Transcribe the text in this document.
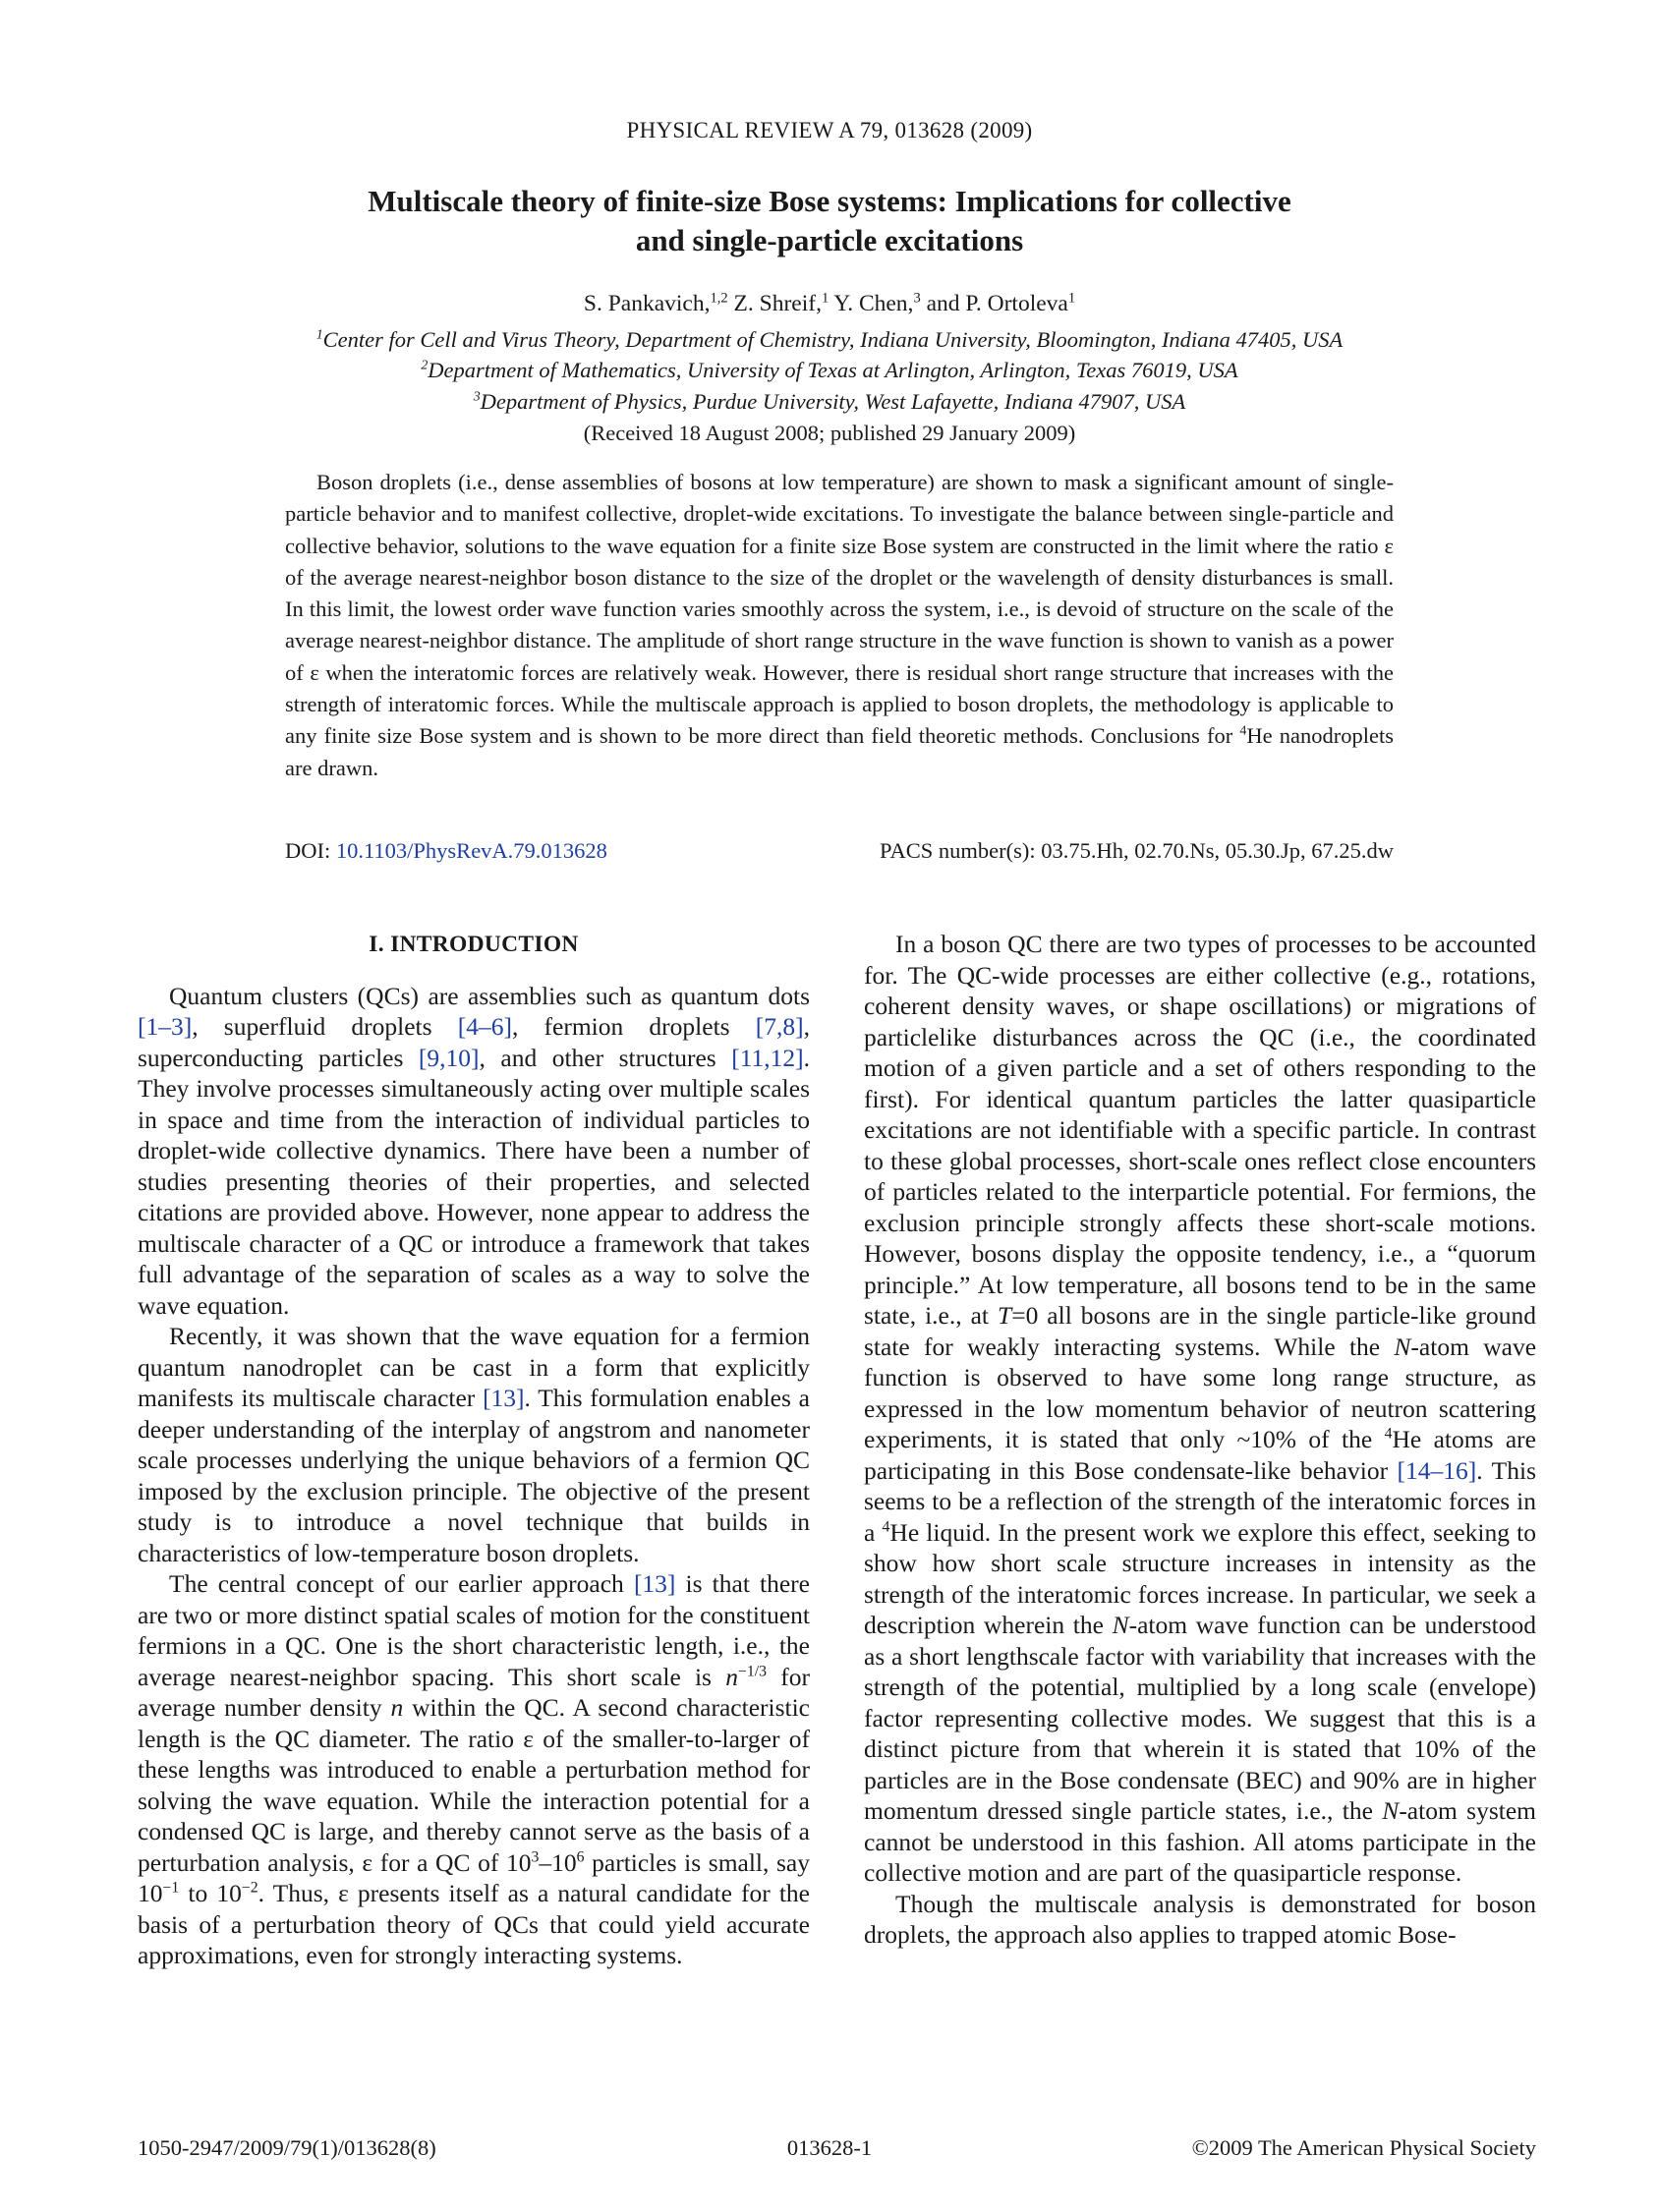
PHYSICAL REVIEW A 79, 013628 (2009)
Multiscale theory of finite-size Bose systems: Implications for collective
and single-particle excitations
S. Pankavich,$^{1,2}$ Z. Shreif,$^1$ Y. Chen,$^3$ and P. Ortoleva$^1$
$^1$Center for Cell and Virus Theory, Department of Chemistry, Indiana University, Bloomington, Indiana 47405, USA
$^2$Department of Mathematics, University of Texas at Arlington, Arlington, Texas 76019, USA
$^3$Department of Physics, Purdue University, West Lafayette, Indiana 47907, USA
(Received 18 August 2008; published 29 January 2009)
Boson droplets (i.e., dense assemblies of bosons at low temperature) are shown to mask a significant amount of single-particle behavior and to manifest collective, droplet-wide excitations. To investigate the balance between single-particle and collective behavior, solutions to the wave equation for a finite size Bose system are constructed in the limit where the ratio ε of the average nearest-neighbor boson distance to the size of the droplet or the wavelength of density disturbances is small. In this limit, the lowest order wave function varies smoothly across the system, i.e., is devoid of structure on the scale of the average nearest-neighbor distance. The amplitude of short range structure in the wave function is shown to vanish as a power of ε when the interatomic forces are relatively weak. However, there is residual short range structure that increases with the strength of interatomic forces. While the multiscale approach is applied to boson droplets, the methodology is applicable to any finite size Bose system and is shown to be more direct than field theoretic methods. Conclusions for $^4$He nanodroplets are drawn.
DOI: 10.1103/PhysRevA.79.013628	PACS number(s): 03.75.Hh, 02.70.Ns, 05.30.Jp, 67.25.dw
I. INTRODUCTION

Quantum clusters (QCs) are assemblies such as quantum dots [1–3], superfluid droplets [4–6], fermion droplets [7,8], superconducting particles [9,10], and other structures [11,12]. They involve processes simultaneously acting over multiple scales in space and time from the interaction of individual particles to droplet-wide collective dynamics. There have been a number of studies presenting theories of their properties, and selected citations are provided above. However, none appear to address the multiscale character of a QC or introduce a framework that takes full advantage of the separation of scales as a way to solve the wave equation.

Recently, it was shown that the wave equation for a fermion quantum nanodroplet can be cast in a form that explicitly manifests its multiscale character [13]. This formulation enables a deeper understanding of the interplay of angstrom and nanometer scale processes underlying the unique behaviors of a fermion QC imposed by the exclusion principle. The objective of the present study is to introduce a novel technique that builds in characteristics of low-temperature boson droplets.

The central concept of our earlier approach [13] is that there are two or more distinct spatial scales of motion for the constituent fermions in a QC. One is the short characteristic length, i.e., the average nearest-neighbor spacing. This short scale is $n^{-1/3}$ for average number density n within the QC. A second characteristic length is the QC diameter. The ratio ε of the smaller-to-larger of these lengths was introduced to enable a perturbation method for solving the wave equation. While the interaction potential for a condensed QC is large, and thereby cannot serve as the basis of a perturbation analysis, ε for a QC of $10^3-10^6$ particles is small, say $10^{-1}$ to $10^{-2}$. Thus, ε presents itself as a natural candidate for the basis of a perturbation theory of QCs that could yield accurate approximations, even for strongly interacting systems.

In a boson QC there are two types of processes to be accounted for. The QC-wide processes are either collective (e.g., rotations, coherent density waves, or shape oscillations) or migrations of particlelike disturbances across the QC (i.e., the coordinated motion of a given particle and a set of others responding to the first). For identical quantum particles the latter quasiparticle excitations are not identifiable with a specific particle. In contrast to these global processes, short-scale ones reflect close encounters of particles related to the interparticle potential. For fermions, the exclusion principle strongly affects these short-scale motions. However, bosons display the opposite tendency, i.e., a “quorum principle.” At low temperature, all bosons tend to be in the same state, i.e., at T=0 all bosons are in the single particle-like ground state for weakly interacting systems. While the N-atom wave function is observed to have some long range structure, as expressed in the low momentum behavior of neutron scattering experiments, it is stated that only ~10% of the $^4$He atoms are participating in this Bose condensate-like behavior [14–16]. This seems to be a reflection of the strength of the interatomic forces in a $^4$He liquid. In the present work we explore this effect, seeking to show how short scale structure increases in intensity as the strength of the interatomic forces increase. In particular, we seek a description wherein the N-atom wave function can be understood as a short lengthscale factor with variability that increases with the strength of the potential, multiplied by a long scale (envelope) factor representing collective modes. We suggest that this is a distinct picture from that wherein it is stated that 10% of the particles are in the Bose condensate (BEC) and 90% are in higher momentum dressed single particle states, i.e., the N-atom system cannot be understood in this fashion. All atoms participate in the collective motion and are part of the quasiparticle response.

Though the multiscale analysis is demonstrated for boson droplets, the approach also applies to trapped atomic Bose-

1050-2947/2009/79(1)/013628(8)	013628-1	©2009 The American Physical Society
